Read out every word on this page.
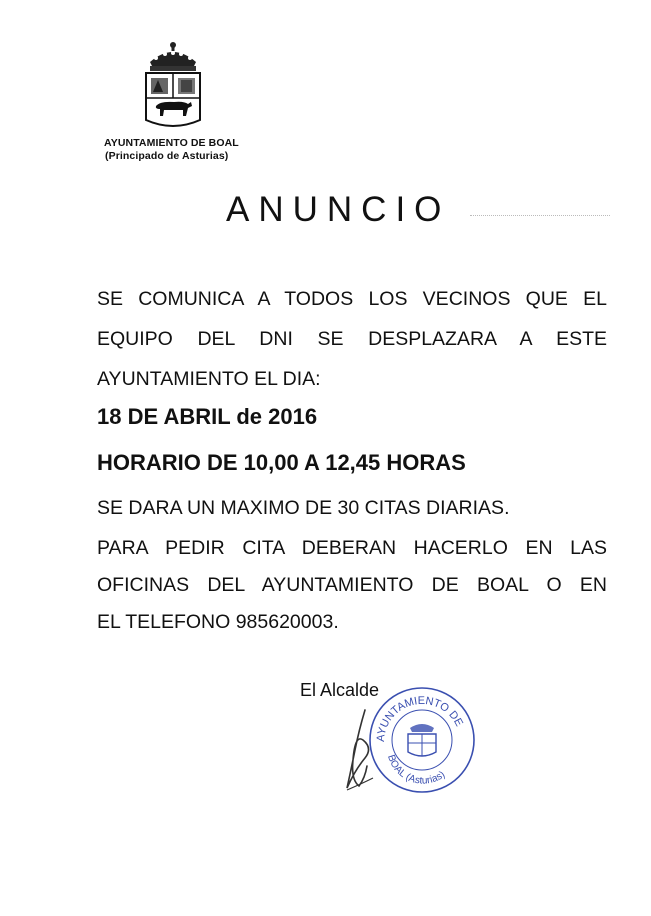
AYUNTAMIENTO DE BOAL
(Principado de Asturias)
ANUNCIO
SE COMUNICA A TODOS LOS VECINOS QUE EL
EQUIPO DEL DNI SE DESPLAZARA A ESTE
AYUNTAMIENTO EL DIA:
18 DE ABRIL de 2016
HORARIO DE 10,00 A 12,45 HORAS
SE DARA UN MAXIMO DE 30 CITAS DIARIAS.
PARA PEDIR CITA DEBERAN HACERLO EN LAS
OFICINAS DEL AYUNTAMIENTO DE BOAL O EN
EL TELEFONO 985620003.
El Alcalde
AYUNTAMIENTO DE
BOAL (Asturias)
